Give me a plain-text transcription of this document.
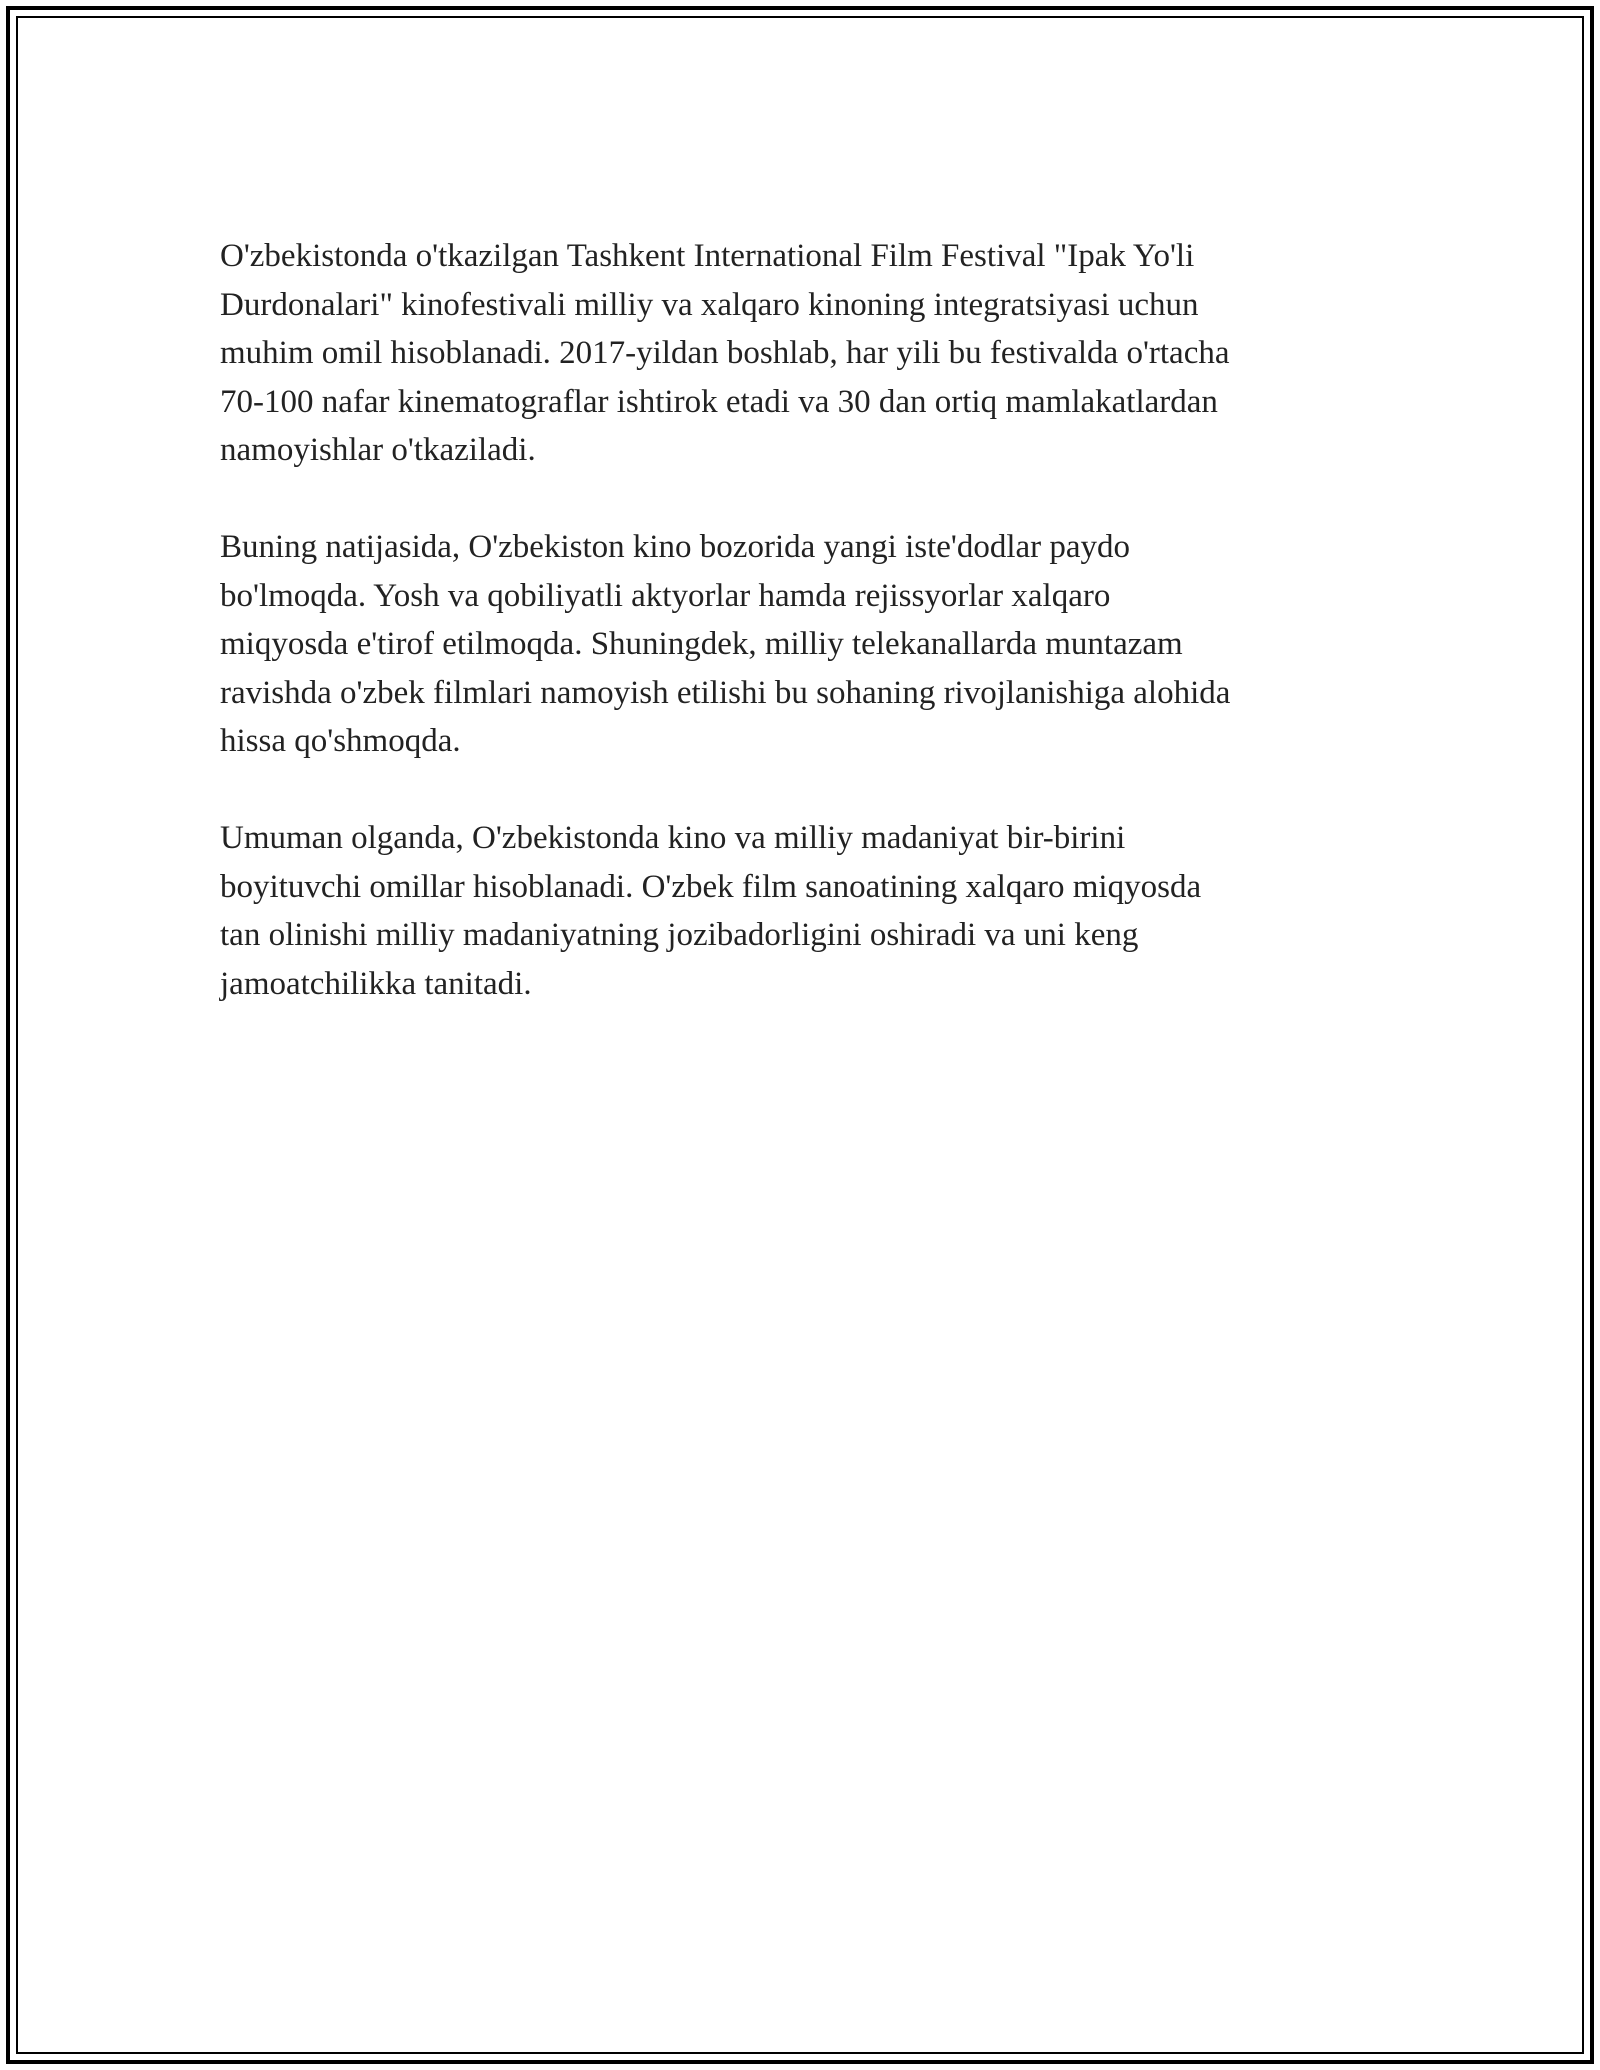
O'zbekistonda o'tkazilgan Tashkent International Film Festival "Ipak Yo'li
Durdonalari" kinofestivali milliy va xalqaro kinoning integratsiyasi uchun
muhim omil hisoblanadi. 2017-yildan boshlab, har yili bu festivalda o'rtacha
70-100 nafar kinematograflar ishtirok etadi va 30 dan ortiq mamlakatlardan
namoyishlar o'tkaziladi.

Buning natijasida, O'zbekiston kino bozorida yangi iste'dodlar paydo
bo'lmoqda. Yosh va qobiliyatli aktyorlar hamda rejissyorlar xalqaro
miqyosda e'tirof etilmoqda. Shuningdek, milliy telekanallarda muntazam
ravishda o'zbek filmlari namoyish etilishi bu sohaning rivojlanishiga alohida
hissa qo'shmoqda.

Umuman olganda, O'zbekistonda kino va milliy madaniyat bir-birini
boyituvchi omillar hisoblanadi. O'zbek film sanoatining xalqaro miqyosda
tan olinishi milliy madaniyatning jozibadorligini oshiradi va uni keng
jamoatchilikka tanitadi.
